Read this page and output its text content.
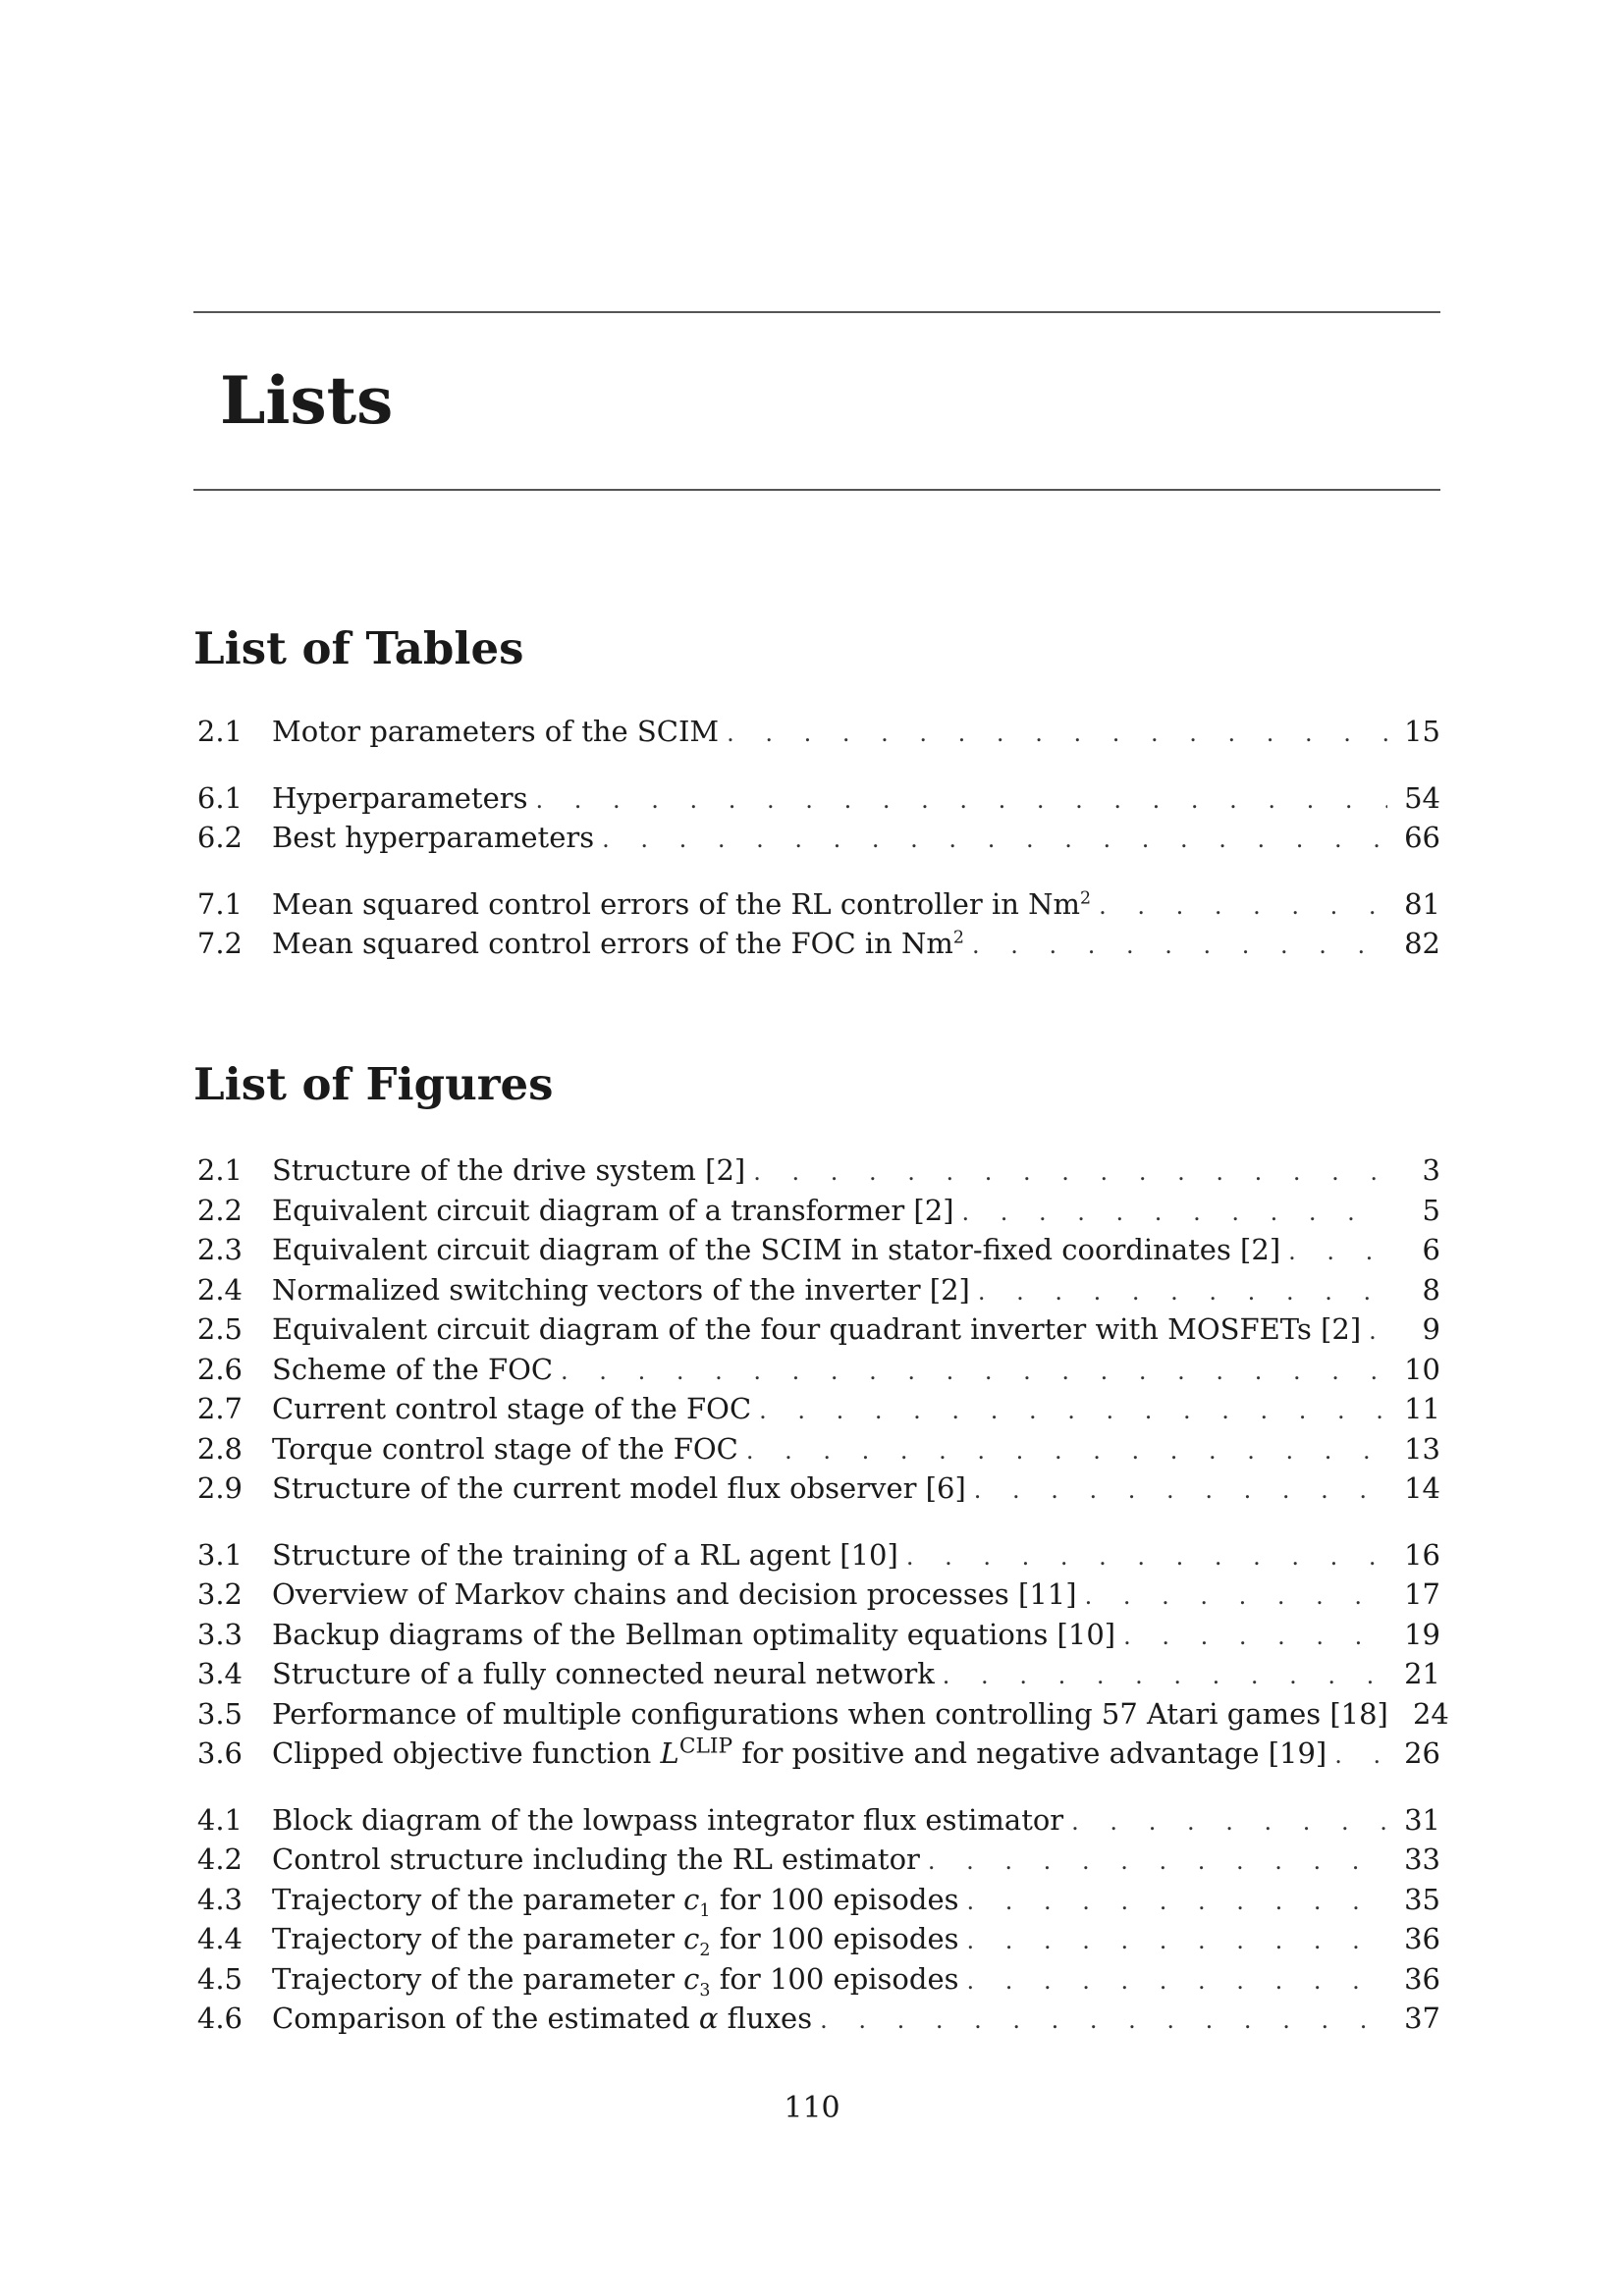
Lists
List of Tables
2.1	Motor parameters of the SCIM . . .	15
6.1	Hyperparameters . . .	54
6.2	Best hyperparameters . . .	66
7.1	Mean squared control errors of the RL controller in Nm$^2$ . . .	81
7.2	Mean squared control errors of the FOC in Nm$^2$ . . .	82
List of Figures
2.1	Structure of the drive system [2] . . .	3
2.2	Equivalent circuit diagram of a transformer [2] . . .	5
2.3	Equivalent circuit diagram of the SCIM in stator-fixed coordinates [2] . . .	6
2.4	Normalized switching vectors of the inverter [2] . . .	8
2.5	Equivalent circuit diagram of the four quadrant inverter with MOSFETs [2] . . .	9
2.6	Scheme of the FOC . . .	10
2.7	Current control stage of the FOC . . .	11
2.8	Torque control stage of the FOC . . .	13
2.9	Structure of the current model flux observer [6] . . .	14
3.1	Structure of the training of a RL agent [10] . . .	16
3.2	Overview of Markov chains and decision processes [11] . . .	17
3.3	Backup diagrams of the Bellman optimality equations [10] . . .	19
3.4	Structure of a fully connected neural network . . .	21
3.5	Performance of multiple configurations when controlling 57 Atari games [18] 24
3.6	Clipped objective function $L^{CLIP}$ for positive and negative advantage [19] . . .	26
4.1	Block diagram of the lowpass integrator flux estimator . . .	31
4.2	Control structure including the RL estimator . . .	33
4.3	Trajectory of the parameter $c_1$ for 100 episodes . . .	35
4.4	Trajectory of the parameter $c_2$ for 100 episodes . . .	36
4.5	Trajectory of the parameter $c_3$ for 100 episodes . . .	36
4.6	Comparison of the estimated α fluxes . . .	37

110
